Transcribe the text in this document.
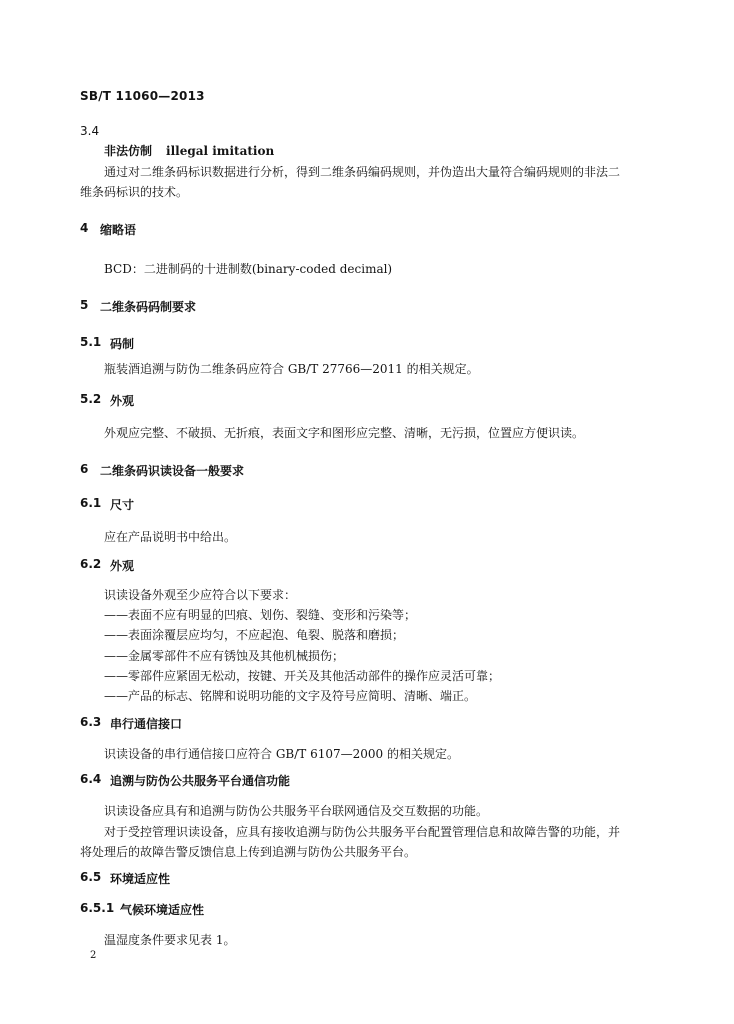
SB/T 11060—2013
3.4
非法仿制 illegal imitation
通过对二维条码标识数据进行分析，得到二维条码编码规则，并伪造出大量符合编码规则的非法二
维条码标识的技术。
4 缩略语
BCD：二进制码的十进制数(binary-coded decimal)
5 二维条码码制要求
5.1 码制
瓶装酒追溯与防伪二维条码应符合 GB/T 27766—2011 的相关规定。
5.2 外观
外观应完整、不破损、无折痕，表面文字和图形应完整、清晰，无污损，位置应方便识读。
6 二维条码识读设备一般要求
6.1 尺寸
应在产品说明书中给出。
6.2 外观
识读设备外观至少应符合以下要求：
——表面不应有明显的凹痕、划伤、裂缝、变形和污染等；
——表面涂覆层应均匀，不应起泡、龟裂、脱落和磨损；
——金属零部件不应有锈蚀及其他机械损伤；
——零部件应紧固无松动，按键、开关及其他活动部件的操作应灵活可靠；
——产品的标志、铭牌和说明功能的文字及符号应简明、清晰、端正。
6.3 串行通信接口
识读设备的串行通信接口应符合 GB/T 6107—2000 的相关规定。
6.4 追溯与防伪公共服务平台通信功能
识读设备应具有和追溯与防伪公共服务平台联网通信及交互数据的功能。
对于受控管理识读设备，应具有接收追溯与防伪公共服务平台配置管理信息和故障告警的功能，并
将处理后的故障告警反馈信息上传到追溯与防伪公共服务平台。
6.5 环境适应性
6.5.1 气候环境适应性
温湿度条件要求见表 1。
2
